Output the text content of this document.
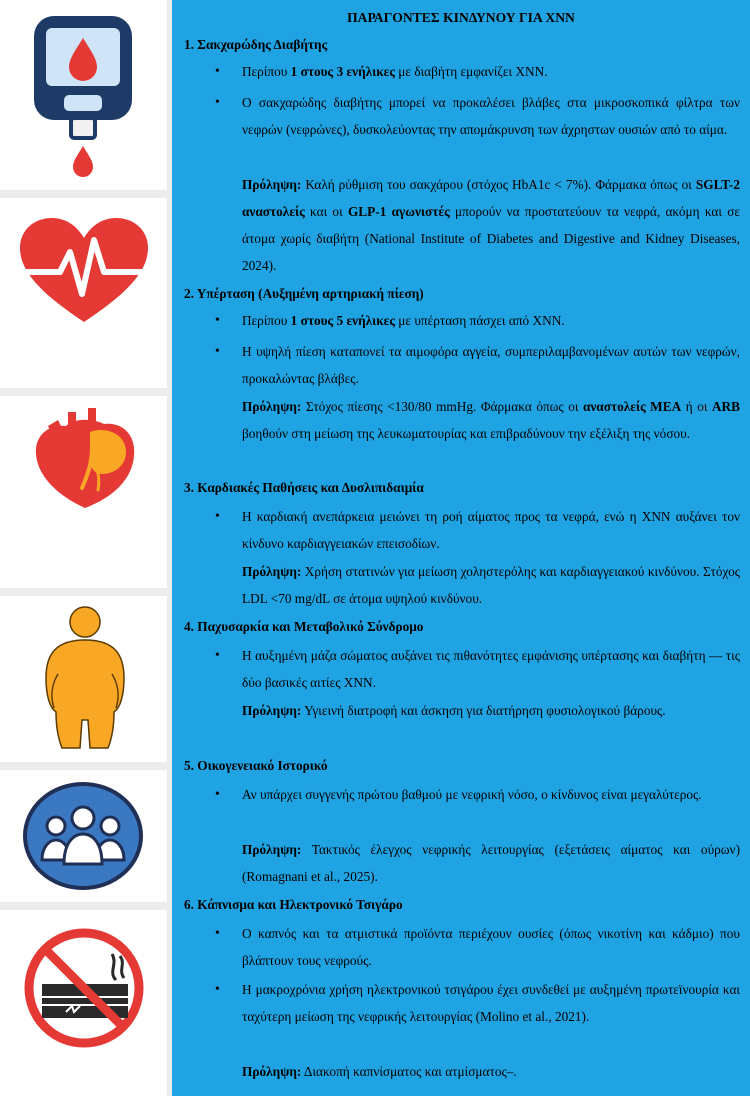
ΠΑΡΑΓΟΝΤΕΣ ΚΙΝΔΥΝΟΥ ΓΙΑ ΧΝΝ
1. Σακχαρώδης Διαβήτης
• Περίπου 1 στους 3 ενήλικες με διαβήτη εμφανίζει ΧΝΝ.
• Ο σακχαρώδης διαβήτης μπορεί να προκαλέσει βλάβες στα μικροσκοπικά φίλτρα των νεφρών (νεφρώνες), δυσκολεύοντας την απομάκρυνση των άχρηστων ουσιών από το αίμα.
Πρόληψη: Καλή ρύθμιση του σακχάρου (στόχος HbA1c < 7%). Φάρμακα όπως οι SGLT-2 αναστολείς και οι GLP-1 αγωνιστές μπορούν να προστατεύουν τα νεφρά, ακόμη και σε άτομα χωρίς διαβήτη (National Institute of Diabetes and Digestive and Kidney Diseases, 2024).
2. Υπέρταση (Αυξημένη αρτηριακή πίεση)
• Περίπου 1 στους 5 ενήλικες με υπέρταση πάσχει από ΧΝΝ.
• Η υψηλή πίεση καταπονεί τα αιμοφόρα αγγεία, συμπεριλαμβανομένων αυτών των νεφρών, προκαλώντας βλάβες.
Πρόληψη: Στόχος πίεσης <130/80 mmHg. Φάρμακα όπως οι αναστολείς ΜΕΑ ή οι ARB βοηθούν στη μείωση της λευκωματουρίας και επιβραδύνουν την εξέλιξη της νόσου.
3. Καρδιακές Παθήσεις και Δυσλιπιδαιμία
• Η καρδιακή ανεπάρκεια μειώνει τη ροή αίματος προς τα νεφρά, ενώ η ΧΝΝ αυξάνει τον κίνδυνο καρδιαγγειακών επεισοδίων.
Πρόληψη: Χρήση στατινών για μείωση χοληστερόλης και καρδιαγγειακού κινδύνου. Στόχος LDL <70 mg/dL σε άτομα υψηλού κινδύνου.
4. Παχυσαρκία και Μεταβολικό Σύνδρομο
• Η αυξημένη μάζα σώματος αυξάνει τις πιθανότητες εμφάνισης υπέρτασης και διαβήτη — τις δύο βασικές αιτίες ΧΝΝ.
Πρόληψη: Υγιεινή διατροφή και άσκηση για διατήρηση φυσιολογικού βάρους.
5. Οικογενειακό Ιστορικό
• Αν υπάρχει συγγενής πρώτου βαθμού με νεφρική νόσο, ο κίνδυνος είναι μεγαλύτερος.
Πρόληψη: Τακτικός έλεγχος νεφρικής λειτουργίας (εξετάσεις αίματος και ούρων) (Romagnani et al., 2025).
6. Κάπνισμα και Ηλεκτρονικό Τσιγάρο
• Ο καπνός και τα ατμιστικά προϊόντα περιέχουν ουσίες (όπως νικοτίνη και κάδμιο) που βλάπτουν τους νεφρούς.
• Η μακροχρόνια χρήση ηλεκτρονικού τσιγάρου έχει συνδεθεί με αυξημένη πρωτεϊνουρία και ταχύτερη μείωση της νεφρικής λειτουργίας (Molino et al., 2021).
Πρόληψη: Διακοπή καπνίσματος και ατμίσματος–.
